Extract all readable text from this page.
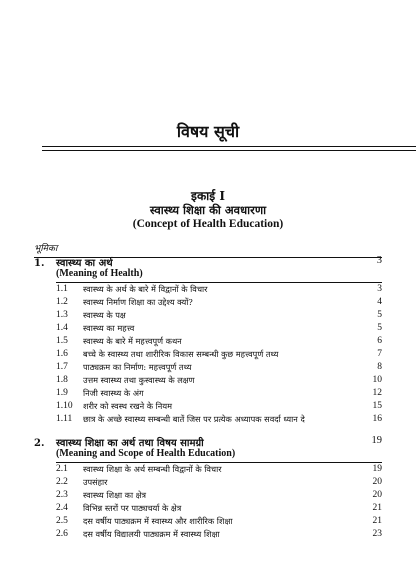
विषय सूची
इकाई I
स्वास्थ्य शिक्षा की अवधारणा
(Concept of Health Education)
भूमिका
1. स्वास्थ्य का अर्थ	3
(Meaning of Health)
1.1 स्वास्थ्य के अर्थ के बारे में विद्वानों के विचार	3
1.2 स्वास्थ्य निर्माण शिक्षा का उद्देश्य क्यों?	4
1.3 स्वास्थ्य के पक्ष	5
1.4 स्वास्थ्य का महत्त्व	5
1.5 स्वास्थ्य के बारे में महत्त्वपूर्ण कथन	6
1.6 बच्चे के स्वास्थ्य तथा शारीरिक विकास सम्बन्धी कुछ महत्त्वपूर्ण तथ्य	7
1.7 पाठ्यक्रम का निर्माण: महत्त्वपूर्ण तथ्य	8
1.8 उत्तम स्वास्थ्य तथा कुस्वास्थ्य के लक्षण	10
1.9 निजी स्वास्थ्य के अंग	12
1.10 शरीर को स्वस्थ रखने के नियम	15
1.11 छात्र के अच्छे स्वास्थ्य सम्बन्धी बातें जिस पर प्रत्येक अध्यापक सवर्दा ध्यान दे	16
2. स्वास्थ्य शिक्षा का अर्थ तथा विषय सामग्री	19
(Meaning and Scope of Health Education)
2.1 स्वास्थ्य शिक्षा के अर्थ सम्बन्धी विद्वानों के विचार	19
2.2 उपसंहार	20
2.3 स्वास्थ्य शिक्षा का क्षेत्र	20
2.4 विभिन्न स्तरों पर पाठ्यचर्या के क्षेत्र	21
2.5 दस वर्षीय पाठ्यक्रम में स्वास्थ्य और शारीरिक शिक्षा	21
2.6 दस वर्षीय विद्यालयी पाठ्यक्रम में स्वास्थ्य शिक्षा	23
